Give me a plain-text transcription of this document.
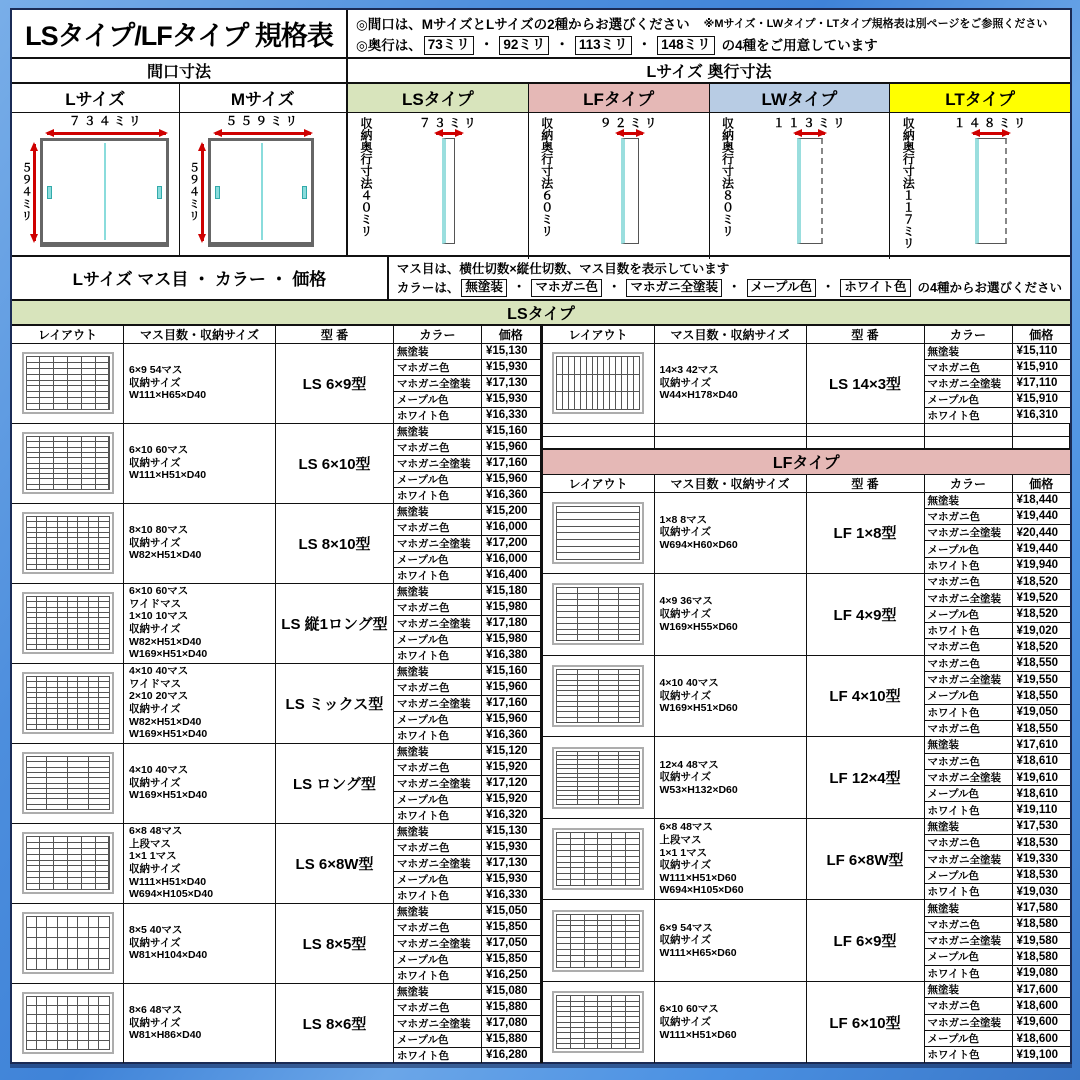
LSタイプ/LFタイプ 規格表	◎間口は、MサイズとLサイズの2種からお選びください ※Mサイズ・LWタイプ・LTタイプ規格表は別ページをご参照ください
◎奥行は、 73ミリ ・ 92ミリ ・ 113ミリ ・ 148ミリ の4種をご用意しています
間口寸法
Lサイズ
７３４ミリ
５９４ミリ
Mサイズ
５５９ミリ
５９４ミリ
Lサイズ 奥行寸法
LSタイプ
収納奥行寸法４０ミリ	７３ミリ
LFタイプ
収納奥行寸法６０ミリ	９２ミリ
LWタイプ
収納奥行寸法８０ミリ	１１３ミリ
LTタイプ
収納奥行寸法１１７ミリ	１４８ミリ
Lサイズ マス目 ・ カラー ・ 価格
マス目は、横仕切数×縦仕切数、マス目数を表示しています
カラーは、 無塗装 ・ マホガニ色 ・ マホガニ全塗装 ・ メープル色 ・ ホワイト色 の4種からお選びください
LSタイプ
レイアウト	マス目数・収納サイズ	型 番	カラー	価格
6×9 54マス
収納サイズ
W111×H65×D40
LS 6×9型
無塗装	¥15,130
マホガニ色	¥15,930
マホガニ全塗装	¥17,130
メープル色	¥15,930
ホワイト色	¥16,330
6×10 60マス
収納サイズ
W111×H51×D40
LS 6×10型
無塗装	¥15,160
マホガニ色	¥15,960
マホガニ全塗装	¥17,160
メープル色	¥15,960
ホワイト色	¥16,360
8×10 80マス
収納サイズ
W82×H51×D40
LS 8×10型
無塗装	¥15,200
マホガニ色	¥16,000
マホガニ全塗装	¥17,200
メープル色	¥16,000
ホワイト色	¥16,400
6×10 60マス
ワイドマス
1×10 10マス
収納サイズ
W82×H51×D40
W169×H51×D40
LS 縦1ロング型
無塗装	¥15,180
マホガニ色	¥15,980
マホガニ全塗装	¥17,180
メープル色	¥15,980
ホワイト色	¥16,380
4×10 40マス
ワイドマス
2×10 20マス
収納サイズ
W82×H51×D40
W169×H51×D40
LS ミックス型
無塗装	¥15,160
マホガニ色	¥15,960
マホガニ全塗装	¥17,160
メープル色	¥15,960
ホワイト色	¥16,360
4×10 40マス
収納サイズ
W169×H51×D40
LS ロング型
無塗装	¥15,120
マホガニ色	¥15,920
マホガニ全塗装	¥17,120
メープル色	¥15,920
ホワイト色	¥16,320
6×8 48マス
上段マス
1×1 1マス
収納サイズ
W111×H51×D40
W694×H105×D40
LS 6×8W型
無塗装	¥15,130
マホガニ色	¥15,930
マホガニ全塗装	¥17,130
メープル色	¥15,930
ホワイト色	¥16,330
8×5 40マス
収納サイズ
W81×H104×D40
LS 8×5型
無塗装	¥15,050
マホガニ色	¥15,850
マホガニ全塗装	¥17,050
メープル色	¥15,850
ホワイト色	¥16,250
8×6 48マス
収納サイズ
W81×H86×D40
LS 8×6型
無塗装	¥15,080
マホガニ色	¥15,880
マホガニ全塗装	¥17,080
メープル色	¥15,880
ホワイト色	¥16,280
レイアウト	マス目数・収納サイズ	型 番	カラー	価格
14×3 42マス
収納サイズ
W44×H178×D40
LS 14×3型
無塗装	¥15,110
マホガニ色	¥15,910
マホガニ全塗装	¥17,110
メープル色	¥15,910
ホワイト色	¥16,310
LFタイプ
レイアウト	マス目数・収納サイズ	型 番	カラー	価格
1×8 8マス
収納サイズ
W694×H60×D60
LF 1×8型
無塗装	¥18,440
マホガニ色	¥19,440
マホガニ全塗装	¥20,440
メープル色	¥19,440
ホワイト色	¥19,940
4×9 36マス
収納サイズ
W169×H55×D60
LF 4×9型
マホガニ色	¥18,520
マホガニ全塗装	¥19,520
メープル色	¥18,520
ホワイト色	¥19,020
マホガニ色	¥18,520
4×10 40マス
収納サイズ
W169×H51×D60
LF 4×10型
マホガニ色	¥18,550
マホガニ全塗装	¥19,550
メープル色	¥18,550
ホワイト色	¥19,050
マホガニ色	¥18,550
12×4 48マス
収納サイズ
W53×H132×D60
LF 12×4型
無塗装	¥17,610
マホガニ色	¥18,610
マホガニ全塗装	¥19,610
メープル色	¥18,610
ホワイト色	¥19,110
6×8 48マス
上段マス
1×1 1マス
収納サイズ
W111×H51×D60
W694×H105×D60
LF 6×8W型
無塗装	¥17,530
マホガニ色	¥18,530
マホガニ全塗装	¥19,330
メープル色	¥18,530
ホワイト色	¥19,030
6×9 54マス
収納サイズ
W111×H65×D60
LF 6×9型
無塗装	¥17,580
マホガニ色	¥18,580
マホガニ全塗装	¥19,580
メープル色	¥18,580
ホワイト色	¥19,080
6×10 60マス
収納サイズ
W111×H51×D60
LF 6×10型
無塗装	¥17,600
マホガニ色	¥18,600
マホガニ全塗装	¥19,600
メープル色	¥18,600
ホワイト色	¥19,100
